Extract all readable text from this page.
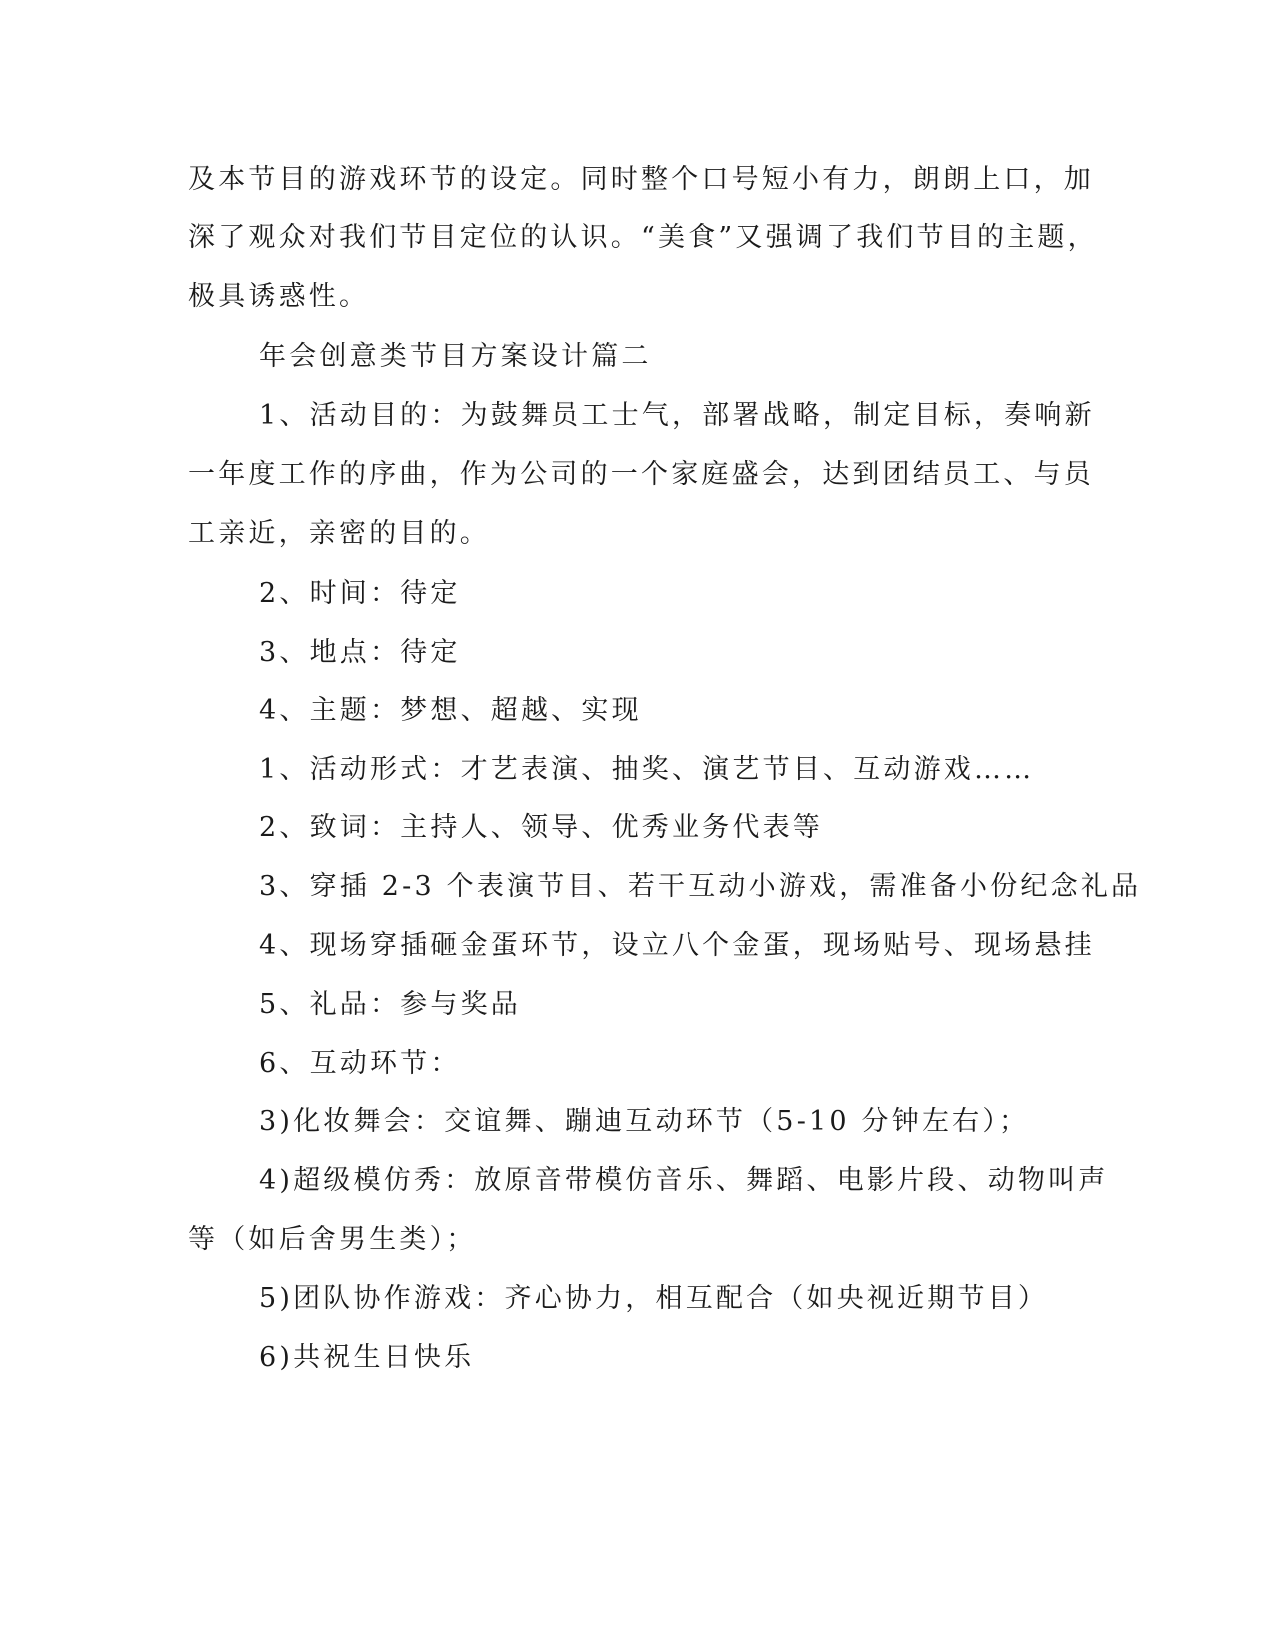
及本节目的游戏环节的设定。同时整个口号短小有力，朗朗上口，加
深了观众对我们节目定位的认识。“美食”又强调了我们节目的主题，
极具诱惑性。
年会创意类节目方案设计篇二
1、活动目的：为鼓舞员工士气，部署战略，制定目标，奏响新
一年度工作的序曲，作为公司的一个家庭盛会，达到团结员工、与员
工亲近，亲密的目的。
2、时间：待定
3、地点：待定
4、主题：梦想、超越、实现
1、活动形式：才艺表演、抽奖、演艺节目、互动游戏……
2、致词：主持人、领导、优秀业务代表等
3、穿插 2-3 个表演节目、若干互动小游戏，需准备小份纪念礼品
4、现场穿插砸金蛋环节，设立八个金蛋，现场贴号、现场悬挂
5、礼品：参与奖品
6、互动环节：
3)化妆舞会：交谊舞、蹦迪互动环节（5-10 分钟左右）；
4)超级模仿秀：放原音带模仿音乐、舞蹈、电影片段、动物叫声
等（如后舍男生类）；
5)团队协作游戏：齐心协力，相互配合（如央视近期节目）
6)共祝生日快乐
